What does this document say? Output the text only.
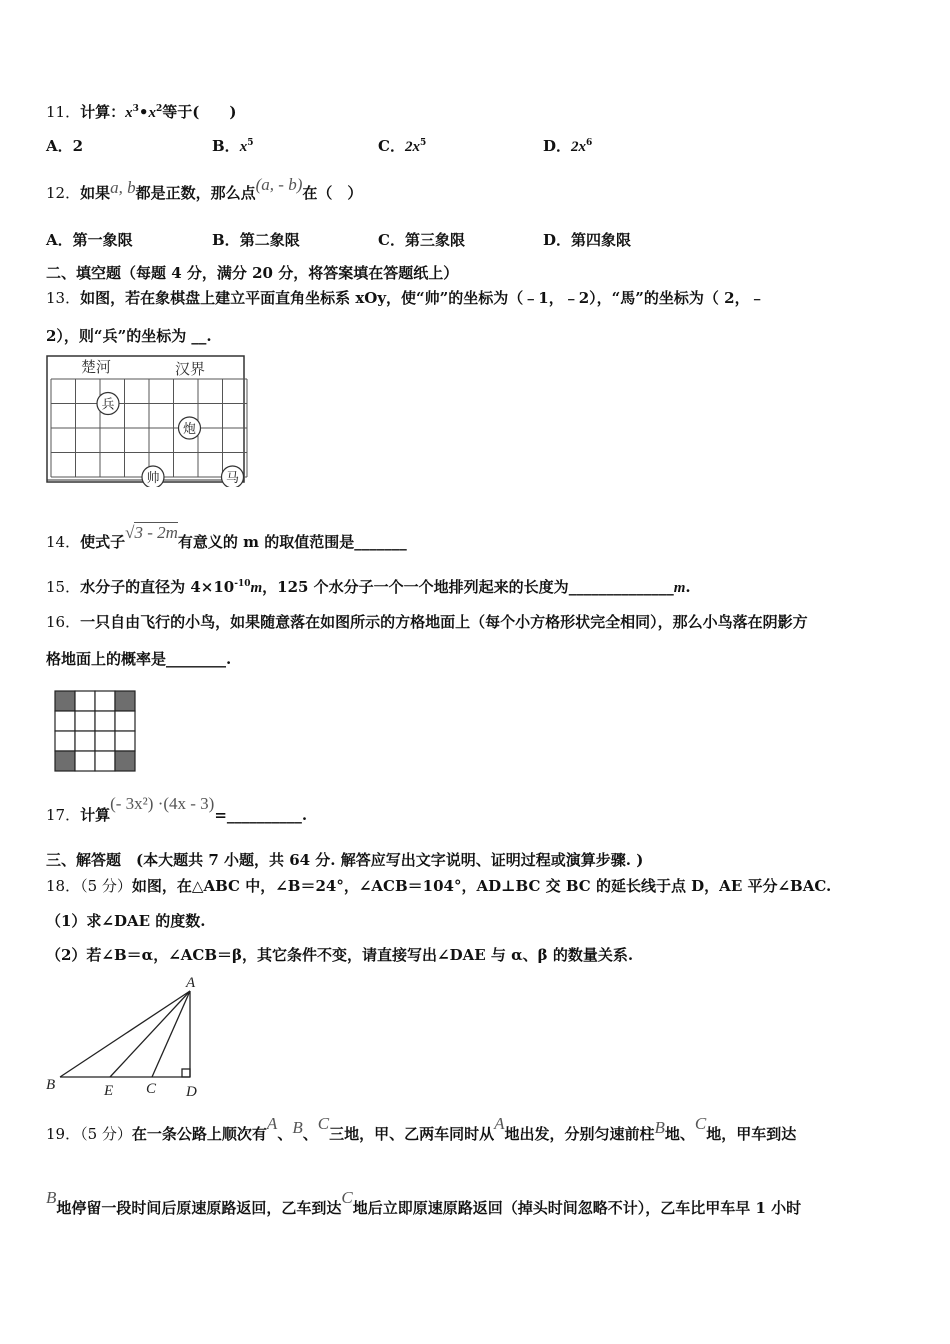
11．计算：$x^3•x^2$等于(　　)
A．2	B．$x^5$	C．$2x^5$	D．$2x^6$
12．如果a, b都是正数，那么点(a, - b)在（　）
A．第一象限	B．第二象限	C．第三象限	D．第四象限
二、填空题（每题 4 分，满分 20 分，将答案填在答题纸上）
13．如图，若在象棋盘上建立平面直角坐标系 xOy，使“帅”的坐标为（﹣1，﹣2），“馬”的坐标为（ 2，﹣
2），则“兵”的坐标为 __.
楚河	汉界
兵
炮
帅	马
14．使式子√3 - 2m有意义的 m 的取值范围是_______
15．水分子的直径为 $4\times 10^{-10}m$，125 个水分子一个一个地排列起来的长度为______________m.
16．一只自由飞行的小鸟，如果随意落在如图所示的方格地面上（每个小方格形状完全相同），那么小鸟落在阴影方
格地面上的概率是________.
17．计算(- 3x²) ·(4x - 3)=__________.
三、解答题　(本大题共 7 小题，共 64 分. 解答应写出文字说明、证明过程或演算步骤. )
18．（5 分）如图，在△ABC 中，∠B＝24°，∠ACB＝104°，AD⊥BC 交 BC 的延长线于点 D，AE 平分∠BAC.
（1）求∠DAE 的度数.
（2）若∠B＝α，∠ACB＝β，其它条件不变，请直接写出∠DAE 与 α、β 的数量关系.
A
B	E C D
19．（5 分）在一条公路上顺次有A、B、C三地，甲、乙两车同时从A地出发，分别匀速前柱B地、C地，甲车到达
B地停留一段时间后原速原路返回，乙车到达C地后立即原速原路返回（掉头时间忽略不计），乙车比甲车早 1 小时
